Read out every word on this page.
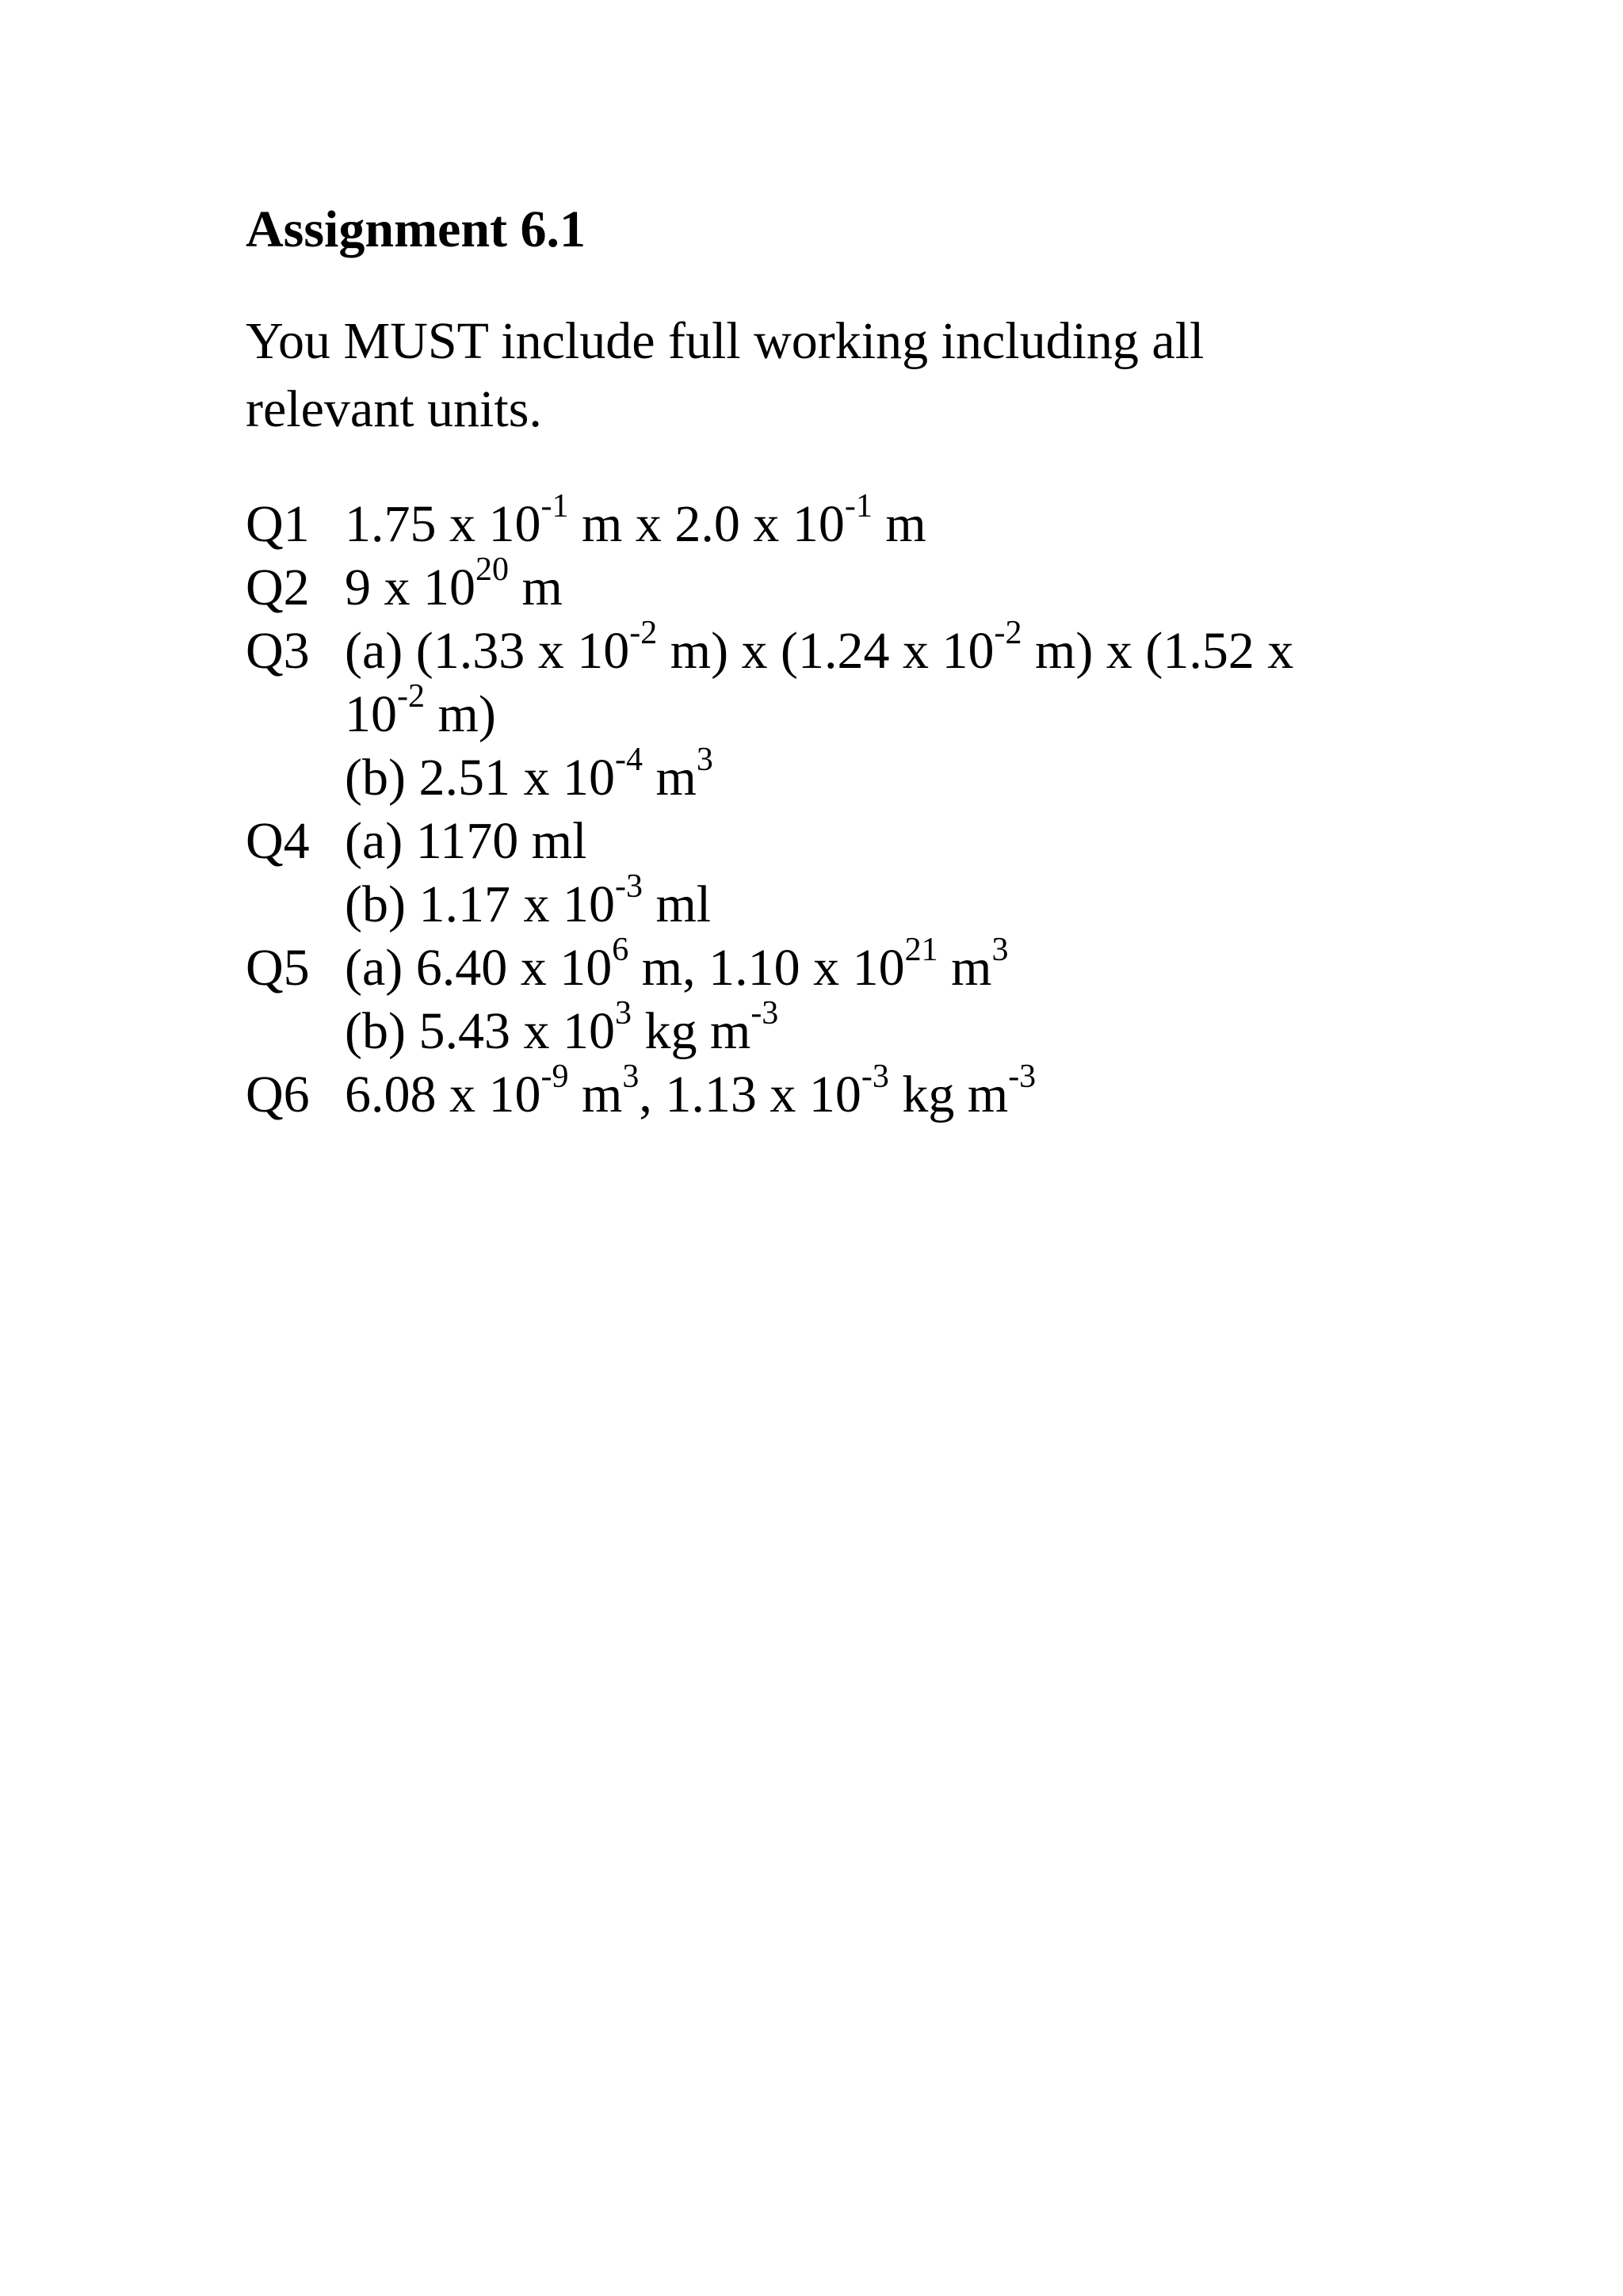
Assignment 6.1

You MUST include full working including all relevant units.

Q1 1.75 x $10^{-1}$ m x 2.0 x $10^{-1}$ m
Q2 9 x $10^{20}$ m
Q3 (a) (1.33 x $10^{-2}$ m) x (1.24 x $10^{-2}$ m) x (1.52 x
$10^{-2}$ m)
(b) 2.51 x $10^{-4}$ $m^3$
Q4 (a) 1170 ml
(b) 1.17 x $10^{-3}$ ml
Q5 (a) 6.40 x $10^6$ m, 1.10 x $10^{21}$ $m^3$
(b) 5.43 x $10^3$ kg $m^{-3}$
Q6 6.08 x $10^{-9}$ $m^3$, 1.13 x $10^{-3}$ kg $m^{-3}$
